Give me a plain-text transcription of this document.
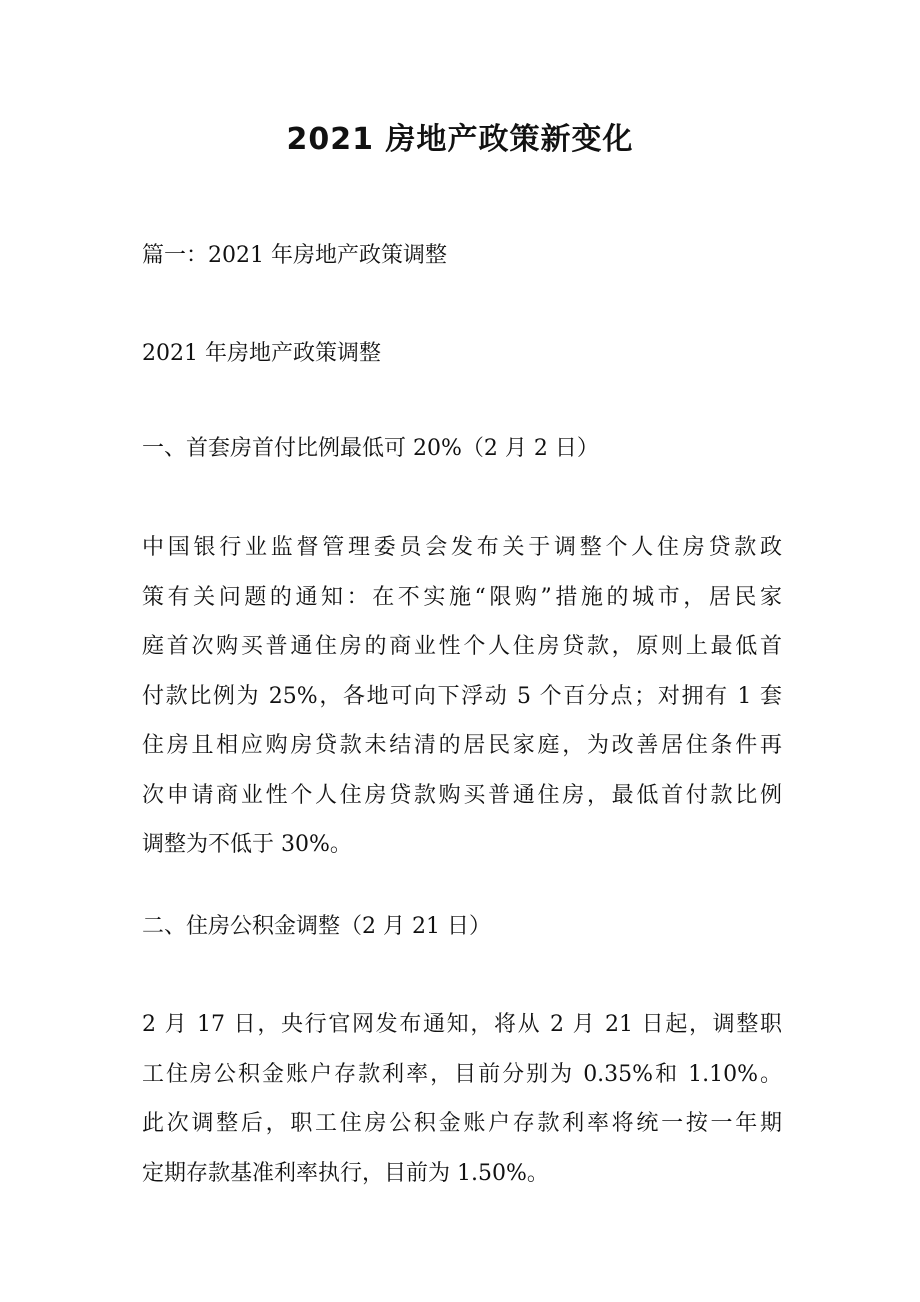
2021 房地产政策新变化
篇一：2021 年房地产政策调整
2021 年房地产政策调整
一、首套房首付比例最低可 20%（2 月 2 日）
中国银行业监督管理委员会发布关于调整个人住房贷款政
策有关问题的通知：在不实施“限购”措施的城市，居民家
庭首次购买普通住房的商业性个人住房贷款，原则上最低首
付款比例为 25%，各地可向下浮动 5 个百分点；对拥有 1 套
住房且相应购房贷款未结清的居民家庭，为改善居住条件再
次申请商业性个人住房贷款购买普通住房，最低首付款比例
调整为不低于 30%。
二、住房公积金调整（2 月 21 日）
2 月 17 日，央行官网发布通知，将从 2 月 21 日起，调整职
工住房公积金账户存款利率，目前分别为 0.35%和 1.10%。
此次调整后，职工住房公积金账户存款利率将统一按一年期
定期存款基准利率执行，目前为 1.50%。
